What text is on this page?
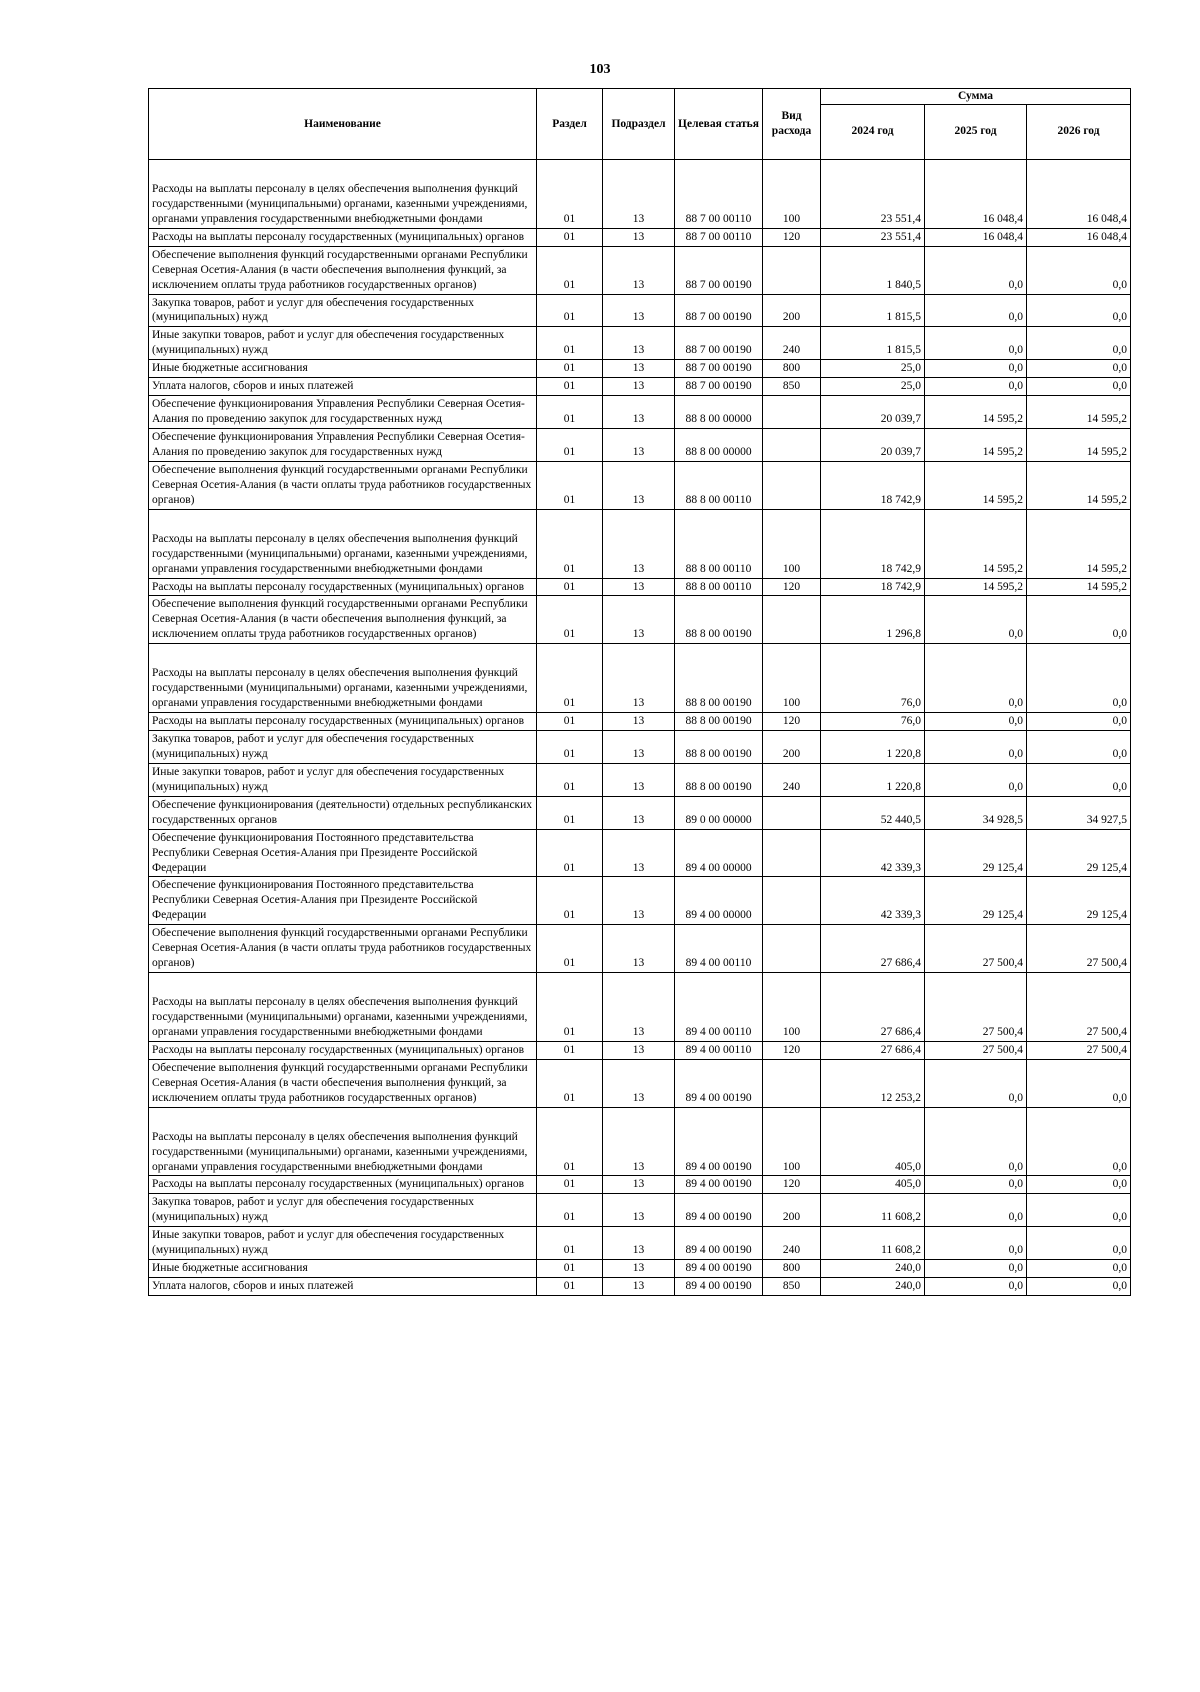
103
Наименование	Раздел	Подраздел	Целевая статья	Вид расхода	Сумма		
					2024 год	2025 год	2026 год
Расходы на выплаты персоналу в целях обеспечения выполнения функций государственными (муниципальными) органами, казенными учреждениями, органами управления государственными внебюджетными фондами	01	13	88 7 00 00110	100	23 551,4	16 048,4	16 048,4
Расходы на выплаты персоналу государственных (муниципальных) органов	01	13	88 7 00 00110	120	23 551,4	16 048,4	16 048,4
Обеспечение выполнения функций государственными органами Республики Северная Осетия-Алания (в части обеспечения выполнения функций, за исключением оплаты труда работников государственных органов)	01	13	88 7 00 00190		1 840,5	0,0	0,0
Закупка товаров, работ и услуг для обеспечения государственных (муниципальных) нужд	01	13	88 7 00 00190	200	1 815,5	0,0	0,0
Иные закупки товаров, работ и услуг для обеспечения государственных (муниципальных) нужд	01	13	88 7 00 00190	240	1 815,5	0,0	0,0
Иные бюджетные ассигнования	01	13	88 7 00 00190	800	25,0	0,0	0,0
Уплата налогов, сборов и иных платежей	01	13	88 7 00 00190	850	25,0	0,0	0,0
Обеспечение функционирования Управления Республики Северная Осетия-Алания по проведению закупок для государственных нужд	01	13	88 8 00 00000		20 039,7	14 595,2	14 595,2
Обеспечение функционирования Управления Республики Северная Осетия-Алания по проведению закупок для государственных нужд	01	13	88 8 00 00000		20 039,7	14 595,2	14 595,2
Обеспечение выполнения функций государственными органами Республики Северная Осетия-Алания (в части оплаты труда работников государственных органов)	01	13	88 8 00 00110		18 742,9	14 595,2	14 595,2
Расходы на выплаты персоналу в целях обеспечения выполнения функций государственными (муниципальными) органами, казенными учреждениями, органами управления государственными внебюджетными фондами	01	13	88 8 00 00110	100	18 742,9	14 595,2	14 595,2
Расходы на выплаты персоналу государственных (муниципальных) органов	01	13	88 8 00 00110	120	18 742,9	14 595,2	14 595,2
Обеспечение выполнения функций государственными органами Республики Северная Осетия-Алания (в части обеспечения выполнения функций, за исключением оплаты труда работников государственных органов)	01	13	88 8 00 00190		1 296,8	0,0	0,0
Расходы на выплаты персоналу в целях обеспечения выполнения функций государственными (муниципальными) органами, казенными учреждениями, органами управления государственными внебюджетными фондами	01	13	88 8 00 00190	100	76,0	0,0	0,0
Расходы на выплаты персоналу государственных (муниципальных) органов	01	13	88 8 00 00190	120	76,0	0,0	0,0
Закупка товаров, работ и услуг для обеспечения государственных (муниципальных) нужд	01	13	88 8 00 00190	200	1 220,8	0,0	0,0
Иные закупки товаров, работ и услуг для обеспечения государственных (муниципальных) нужд	01	13	88 8 00 00190	240	1 220,8	0,0	0,0
Обеспечение функционирования (деятельности) отдельных республиканских государственных органов	01	13	89 0 00 00000		52 440,5	34 928,5	34 927,5
Обеспечение функционирования Постоянного представительства Республики Северная Осетия-Алания при Президенте Российской Федерации	01	13	89 4 00 00000		42 339,3	29 125,4	29 125,4
Обеспечение функционирования Постоянного представительства Республики Северная Осетия-Алания при Президенте Российской Федерации	01	13	89 4 00 00000		42 339,3	29 125,4	29 125,4
Обеспечение выполнения функций государственными органами Республики Северная Осетия-Алания (в части оплаты труда работников государственных органов)	01	13	89 4 00 00110		27 686,4	27 500,4	27 500,4
Расходы на выплаты персоналу в целях обеспечения выполнения функций государственными (муниципальными) органами, казенными учреждениями, органами управления государственными внебюджетными фондами	01	13	89 4 00 00110	100	27 686,4	27 500,4	27 500,4
Расходы на выплаты персоналу государственных (муниципальных) органов	01	13	89 4 00 00110	120	27 686,4	27 500,4	27 500,4
Обеспечение выполнения функций государственными органами Республики Северная Осетия-Алания (в части обеспечения выполнения функций, за исключением оплаты труда работников государственных органов)	01	13	89 4 00 00190		12 253,2	0,0	0,0
Расходы на выплаты персоналу в целях обеспечения выполнения функций государственными (муниципальными) органами, казенными учреждениями, органами управления государственными внебюджетными фондами	01	13	89 4 00 00190	100	405,0	0,0	0,0
Расходы на выплаты персоналу государственных (муниципальных) органов	01	13	89 4 00 00190	120	405,0	0,0	0,0
Закупка товаров, работ и услуг для обеспечения государственных (муниципальных) нужд	01	13	89 4 00 00190	200	11 608,2	0,0	0,0
Иные закупки товаров, работ и услуг для обеспечения государственных (муниципальных) нужд	01	13	89 4 00 00190	240	11 608,2	0,0	0,0
Иные бюджетные ассигнования	01	13	89 4 00 00190	800	240,0	0,0	0,0
Уплата налогов, сборов и иных платежей	01	13	89 4 00 00190	850	240,0	0,0	0,0
